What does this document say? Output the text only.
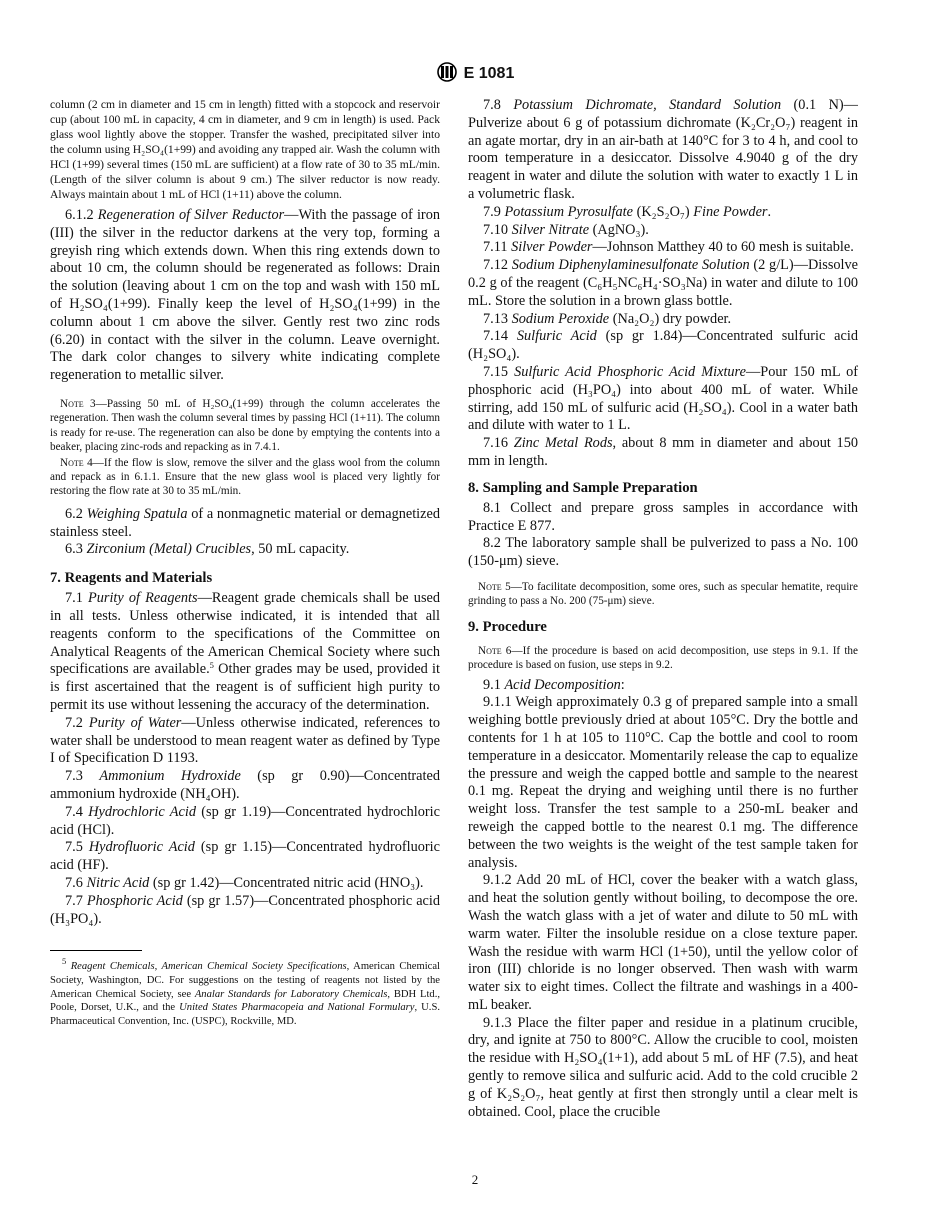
E 1081

column (2 cm in diameter and 15 cm in length) fitted with a stopcock and reservoir cup (about 100 mL in capacity, 4 cm in diameter, and 9 cm in length) is used. Pack glass wool lightly above the stopper. Transfer the washed, precipitated silver into the column using H₂SO₄(1+99) and avoiding any trapped air. Wash the column with HCl (1+99) several times (150 mL are sufficient) at a flow rate of 30 to 35 mL/min. (Length of the silver column is about 9 cm.) The silver reductor is now ready. Always maintain about 1 mL of HCl (1+11) above the column.

6.1.2 Regeneration of Silver Reductor—With the passage of iron (III) the silver in the reductor darkens at the very top, forming a greyish ring which extends down. When this ring extends down to about 10 cm, the column should be regenerated as follows: Drain the solution (leaving about 1 cm on the top and wash with 150 mL of H₂SO₄(1+99). Finally keep the level of H₂SO₄(1+99) in the column about 1 cm above the silver. Gently rest two zinc rods (6.20) in contact with the silver in the column. Leave overnight. The dark color changes to silvery white indicating complete regeneration to metallic silver.

Note 3—Passing 50 mL of H₂SO₄(1+99) through the column accelerates the regeneration. Then wash the column several times by passing HCl (1+11). The column is ready for re-use. The regeneration can also be done by emptying the contents into a beaker, placing zinc-rods and repacking as in 7.4.1.

Note 4—If the flow is slow, remove the silver and the glass wool from the column and repack as in 6.1.1. Ensure that the new glass wool is placed very lightly for restoring the flow rate at 30 to 35 mL/min.

6.2 Weighing Spatula of a nonmagnetic material or demagnetized stainless steel.

6.3 Zirconium (Metal) Crucibles, 50 mL capacity.

7. Reagents and Materials

7.1 Purity of Reagents—Reagent grade chemicals shall be used in all tests. Unless otherwise indicated, it is intended that all reagents conform to the specifications of the Committee on Analytical Reagents of the American Chemical Society where such specifications are available.$^5$ Other grades may be used, provided it is first ascertained that the reagent is of sufficient high purity to permit its use without lessening the accuracy of the determination.

7.2 Purity of Water—Unless otherwise indicated, references to water shall be understood to mean reagent water as defined by Type I of Specification D 1193.

7.3 Ammonium Hydroxide (sp gr 0.90)—Concentrated ammonium hydroxide (NH₄OH).

7.4 Hydrochloric Acid (sp gr 1.19)—Concentrated hydrochloric acid (HCl).

7.5 Hydrofluoric Acid (sp gr 1.15)—Concentrated hydrofluoric acid (HF).

7.6 Nitric Acid (sp gr 1.42)—Concentrated nitric acid (HNO₃).

7.7 Phosphoric Acid (sp gr 1.57)—Concentrated phosphoric acid (H₃PO₄).

$^5$ Reagent Chemicals, American Chemical Society Specifications, American Chemical Society, Washington, DC. For suggestions on the testing of reagents not listed by the American Chemical Society, see Analar Standards for Laboratory Chemicals, BDH Ltd., Poole, Dorset, U.K., and the United States Pharmacopeia and National Formulary, U.S. Pharmaceutical Convention, Inc. (USPC), Rockville, MD.

7.8 Potassium Dichromate, Standard Solution (0.1 N)—Pulverize about 6 g of potassium dichromate (K₂Cr₂O₇) reagent in an agate mortar, dry in an air-bath at 140°C for 3 to 4 h, and cool to room temperature in a desiccator. Dissolve 4.9040 g of the dry reagent in water and dilute the solution with water to exactly 1 L in a volumetric flask.

7.9 Potassium Pyrosulfate (K₂S₂O₇) Fine Powder.

7.10 Silver Nitrate (AgNO₃).

7.11 Silver Powder—Johnson Matthey 40 to 60 mesh is suitable.

7.12 Sodium Diphenylaminesulfonate Solution (2 g/L)—Dissolve 0.2 g of the reagent (C₆H₅NC₆H₄·SO₃Na) in water and dilute to 100 mL. Store the solution in a brown glass bottle.

7.13 Sodium Peroxide (Na₂O₂) dry powder.

7.14 Sulfuric Acid (sp gr 1.84)—Concentrated sulfuric acid (H₂SO₄).

7.15 Sulfuric Acid Phosphoric Acid Mixture—Pour 150 mL of phosphoric acid (H₃PO₄) into about 400 mL of water. While stirring, add 150 mL of sulfuric acid (H₂SO₄). Cool in a water bath and dilute with water to 1 L.

7.16 Zinc Metal Rods, about 8 mm in diameter and about 150 mm in length.

8. Sampling and Sample Preparation

8.1 Collect and prepare gross samples in accordance with Practice E 877.

8.2 The laboratory sample shall be pulverized to pass a No. 100 (150-μm) sieve.

Note 5—To facilitate decomposition, some ores, such as specular hematite, require grinding to pass a No. 200 (75-μm) sieve.

9. Procedure

Note 6—If the procedure is based on acid decomposition, use steps in 9.1. If the procedure is based on fusion, use steps in 9.2.

9.1 Acid Decomposition:

9.1.1 Weigh approximately 0.3 g of prepared sample into a small weighing bottle previously dried at about 105°C. Dry the bottle and contents for 1 h at 105 to 110°C. Cap the bottle and cool to room temperature in a desiccator. Momentarily release the cap to equalize the pressure and weigh the capped bottle and sample to the nearest 0.1 mg. Repeat the drying and weighing until there is no further weight loss. Transfer the test sample to a 250-mL beaker and reweigh the capped bottle to the nearest 0.1 mg. The difference between the two weights is the weight of the test sample taken for analysis.

9.1.2 Add 20 mL of HCl, cover the beaker with a watch glass, and heat the solution gently without boiling, to decompose the ore. Wash the watch glass with a jet of water and dilute to 50 mL with warm water. Filter the insoluble residue on a close texture paper. Wash the residue with warm HCl (1+50), until the yellow color of iron (III) chloride is no longer observed. Then wash with warm water six to eight times. Collect the filtrate and washings in a 400-mL beaker.

9.1.3 Place the filter paper and residue in a platinum crucible, dry, and ignite at 750 to 800°C. Allow the crucible to cool, moisten the residue with H₂SO₄(1+1), add about 5 mL of HF (7.5), and heat gently to remove silica and sulfuric acid. Add to the cold crucible 2 g of K₂S₂O₇, heat gently at first then strongly until a clear melt is obtained. Cool, place the crucible

2
